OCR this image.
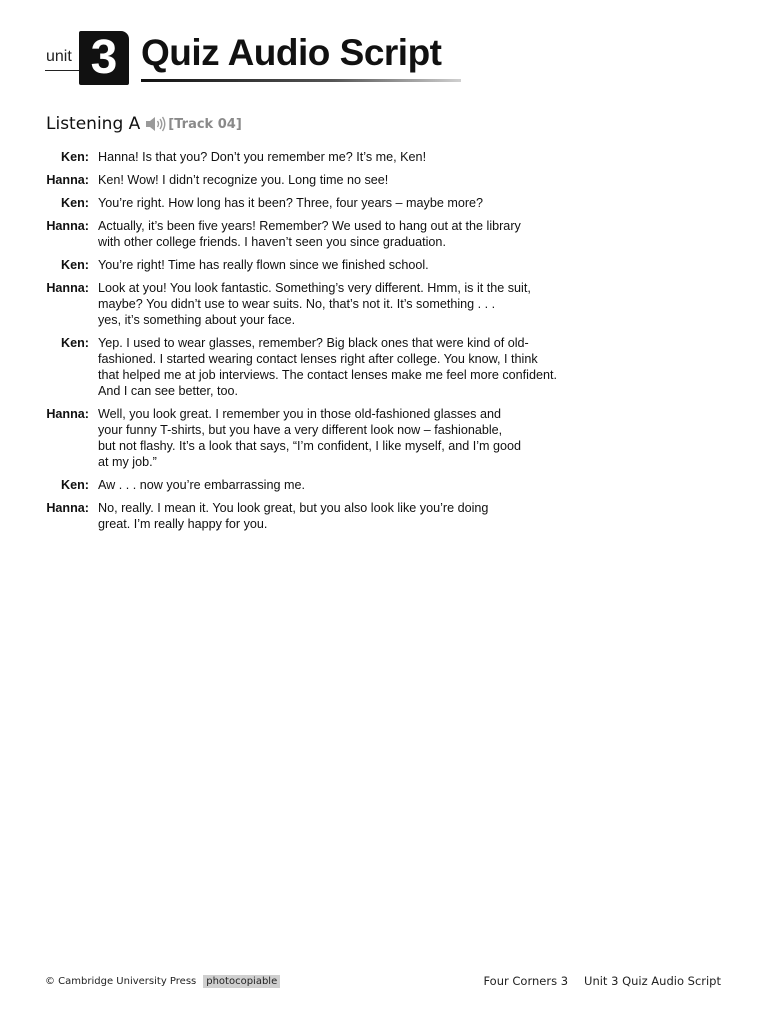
unit 3 Quiz Audio Script
Listening A [Track 04]
Ken: Hanna! Is that you? Don’t you remember me? It’s me, Ken!
Hanna: Ken! Wow! I didn’t recognize you. Long time no see!
Ken: You’re right. How long has it been? Three, four years – maybe more?
Hanna: Actually, it’s been five years! Remember? We used to hang out at the library
with other college friends. I haven’t seen you since graduation.
Ken: You’re right! Time has really flown since we finished school.
Hanna: Look at you! You look fantastic. Something’s very different. Hmm, is it the suit,
maybe? You didn’t use to wear suits. No, that’s not it. It’s something . . .
yes, it’s something about your face.
Ken: Yep. I used to wear glasses, remember? Big black ones that were kind of old-
fashioned. I started wearing contact lenses right after college. You know, I think
that helped me at job interviews. The contact lenses make me feel more confident.
And I can see better, too.
Hanna: Well, you look great. I remember you in those old-fashioned glasses and
your funny T-shirts, but you have a very different look now – fashionable,
but not flashy. It’s a look that says, “I’m confident, I like myself, and I’m good
at my job.”
Ken: Aw . . . now you’re embarrassing me.
Hanna: No, really. I mean it. You look great, but you also look like you’re doing
great. I’m really happy for you.
© Cambridge University Press	photocopiable	Four Corners 3 Unit 3 Quiz Audio Script
